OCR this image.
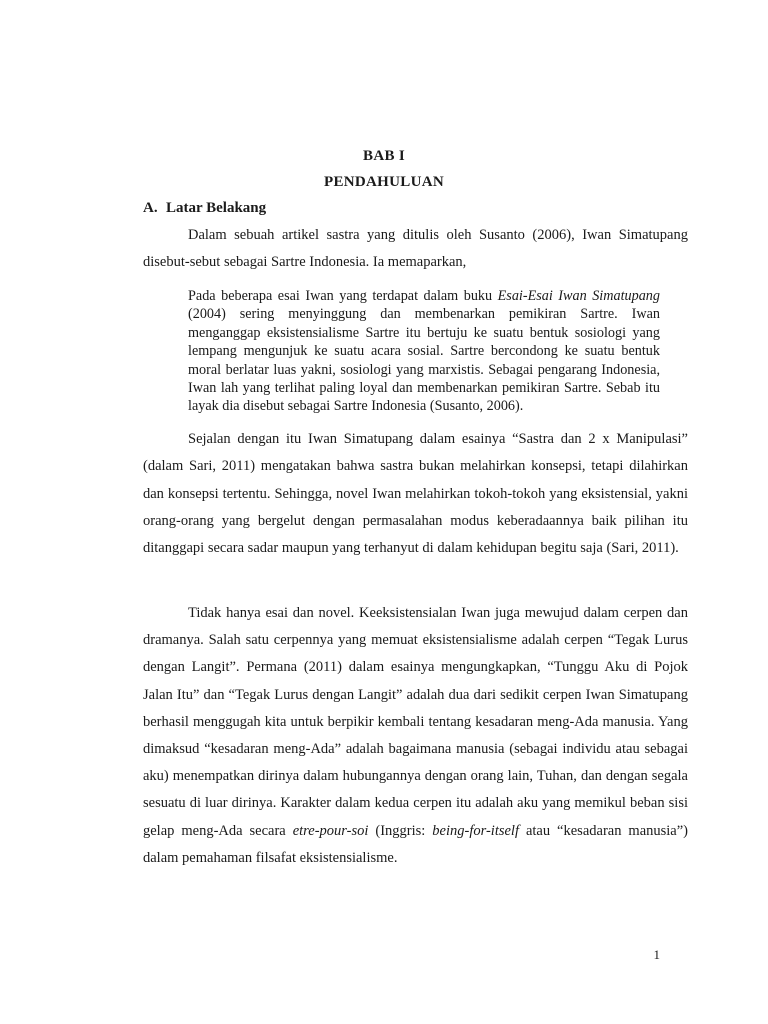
BAB I
PENDAHULUAN
A. Latar Belakang

Dalam sebuah artikel sastra yang ditulis oleh Susanto (2006), Iwan Simatupang disebut-sebut sebagai Sartre Indonesia. Ia memaparkan,

Pada beberapa esai Iwan yang terdapat dalam buku Esai-Esai Iwan Simatupang (2004) sering menyinggung dan membenarkan pemikiran Sartre. Iwan menganggap eksistensialisme Sartre itu bertuju ke suatu bentuk sosiologi yang lempang mengunjuk ke suatu acara sosial. Sartre bercondong ke suatu bentuk moral berlatar luas yakni, sosiologi yang marxistis. Sebagai pengarang Indonesia, Iwan lah yang terlihat paling loyal dan membenarkan pemikiran Sartre. Sebab itu layak dia disebut sebagai Sartre Indonesia (Susanto, 2006).

Sejalan dengan itu Iwan Simatupang dalam esainya “Sastra dan 2 x Manipulasi” (dalam Sari, 2011) mengatakan bahwa sastra bukan melahirkan konsepsi, tetapi dilahirkan dan konsepsi tertentu. Sehingga, novel Iwan melahirkan tokoh-tokoh yang eksistensial, yakni orang-orang yang bergelut dengan permasalahan modus keberadaannya baik pilihan itu ditanggapi secara sadar maupun yang terhanyut di dalam kehidupan begitu saja (Sari, 2011).

Tidak hanya esai dan novel. Keeksistensialan Iwan juga mewujud dalam cerpen dan dramanya. Salah satu cerpennya yang memuat eksistensialisme adalah cerpen “Tegak Lurus dengan Langit”. Permana (2011) dalam esainya mengungkapkan, “Tunggu Aku di Pojok Jalan Itu” dan “Tegak Lurus dengan Langit” adalah dua dari sedikit cerpen Iwan Simatupang berhasil menggugah kita untuk berpikir kembali tentang kesadaran meng-Ada manusia. Yang dimaksud “kesadaran meng-Ada” adalah bagaimana manusia (sebagai individu atau sebagai aku) menempatkan dirinya dalam hubungannya dengan orang lain, Tuhan, dan dengan segala sesuatu di luar dirinya. Karakter dalam kedua cerpen itu adalah aku yang memikul beban sisi gelap meng-Ada secara etre-pour-soi (Inggris: being-for-itself atau “kesadaran manusia”) dalam pemahaman filsafat eksistensialisme.

1
